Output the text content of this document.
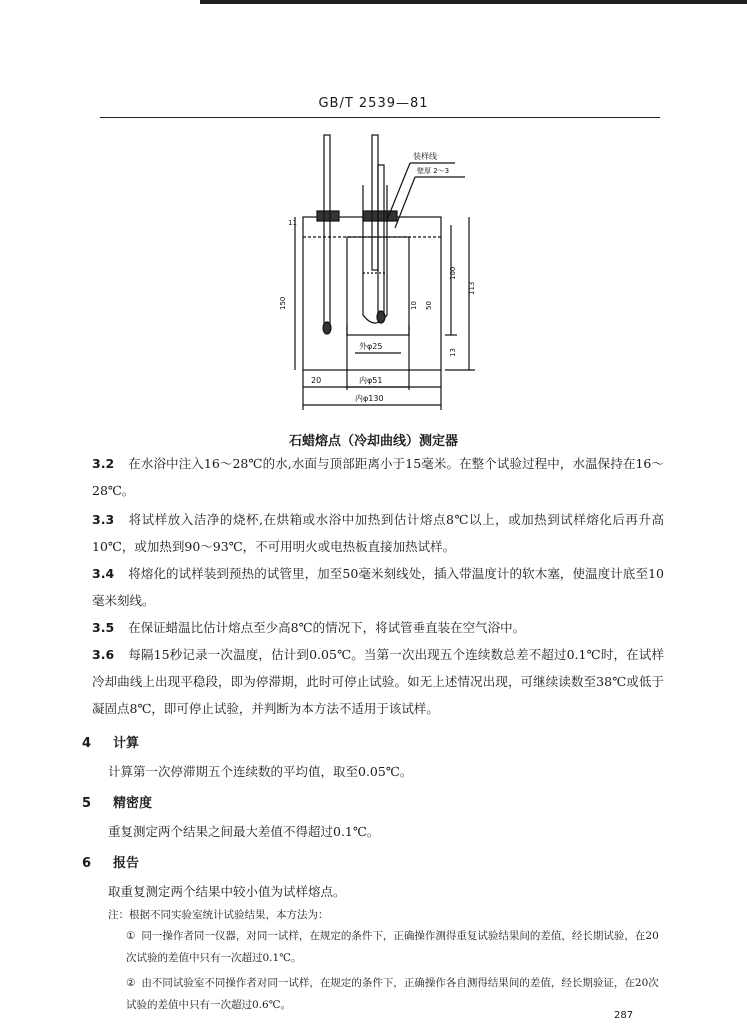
GB/T 2539—81
装样线
壁厚 2～3
11
150
100
113
10 50
13
外φ25
20	内φ51
内φ130
石蜡熔点（冷却曲线）测定器
3.2 在水浴中注入16～28℃的水,水面与顶部距离小于15毫米。在整个试验过程中，水温保持在16～28℃。
3.3 将试样放入洁净的烧杯,在烘箱或水浴中加热到估计熔点8℃以上，或加热到试样熔化后再升高10℃，或加热到90～93℃，不可用明火或电热板直接加热试样。
3.4 将熔化的试样装到预热的试管里，加至50毫米刻线处，插入带温度计的软木塞，使温度计底至10毫米刻线。
3.5 在保证蜡温比估计熔点至少高8℃的情况下，将试管垂直装在空气浴中。
3.6 每隔15秒记录一次温度，估计到0.05℃。当第一次出现五个连续数总差不超过0.1℃时，在试样冷却曲线上出现平稳段，即为停滞期，此时可停止试验。如无上述情况出现，可继续读数至38℃或低于凝固点8℃，即可停止试验，并判断为本方法不适用于该试样。
4 计算
计算第一次停滞期五个连续数的平均值，取至0.05℃。
5 精密度
重复测定两个结果之间最大差值不得超过0.1℃。
6 报告
取重复测定两个结果中较小值为试样熔点。
注：根据不同实验室统计试验结果，本方法为：
① 同一操作者同一仪器，对同一试样，在规定的条件下，正确操作测得重复试验结果间的差值，经长期试验，在20次试验的差值中只有一次超过0.1℃。
② 由不同试验室不同操作者对同一试样，在规定的条件下，正确操作各自测得结果间的差值，经长期验证，在20次试验的差值中只有一次超过0.6℃。
287
